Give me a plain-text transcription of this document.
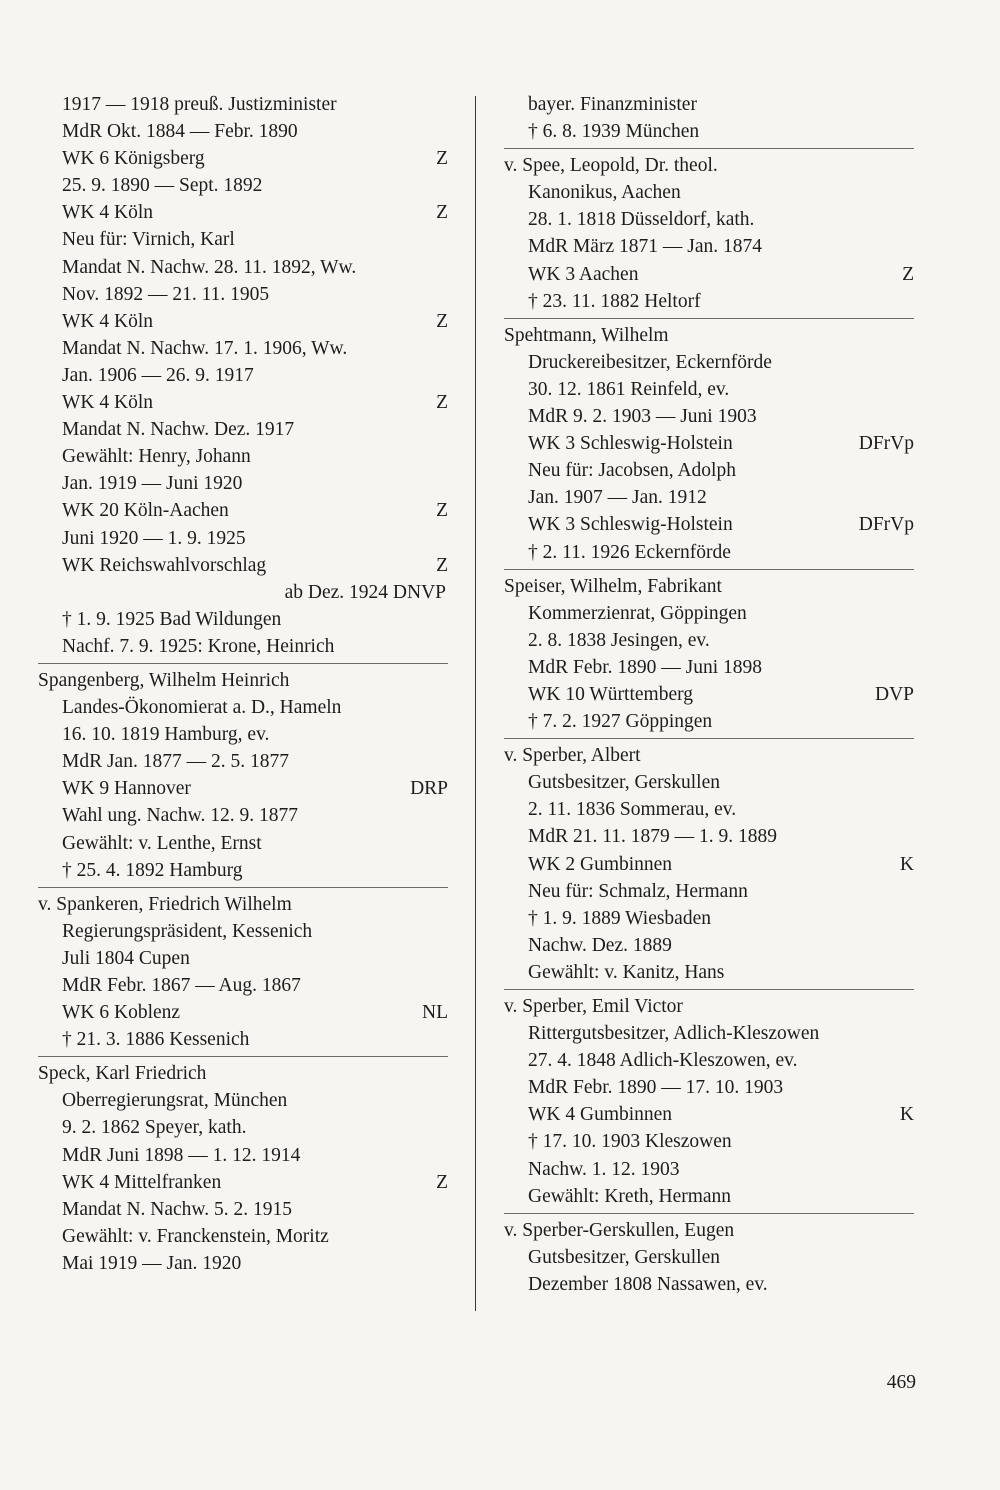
1917 — 1918 preuß. Justizminister
MdR Okt. 1884 — Febr. 1890
WK 6 Königsberg	Z
25. 9. 1890 — Sept. 1892
WK 4 Köln	Z
Neu für: Virnich, Karl
Mandat N. Nachw. 28. 11. 1892, Ww.
Nov. 1892 — 21. 11. 1905
WK 4 Köln	Z
Mandat N. Nachw. 17. 1. 1906, Ww.
Jan. 1906 — 26. 9. 1917
WK 4 Köln	Z
Mandat N. Nachw. Dez. 1917
Gewählt: Henry, Johann
Jan. 1919 — Juni 1920
WK 20 Köln-Aachen	Z
Juni 1920 — 1. 9. 1925
WK Reichswahlvorschlag	Z
ab Dez. 1924 DNVP
† 1. 9. 1925 Bad Wildungen
Nachf. 7. 9. 1925: Krone, Heinrich
Spangenberg, Wilhelm Heinrich
Landes-Ökonomierat a. D., Hameln
16. 10. 1819 Hamburg, ev.
MdR Jan. 1877 — 2. 5. 1877
WK 9 Hannover	DRP
Wahl ung. Nachw. 12. 9. 1877
Gewählt: v. Lenthe, Ernst
† 25. 4. 1892 Hamburg
v. Spankeren, Friedrich Wilhelm
Regierungspräsident, Kessenich
Juli 1804 Cupen
MdR Febr. 1867 — Aug. 1867
WK 6 Koblenz	NL
† 21. 3. 1886 Kessenich
Speck, Karl Friedrich
Oberregierungsrat, München
9. 2. 1862 Speyer, kath.
MdR Juni 1898 — 1. 12. 1914
WK 4 Mittelfranken	Z
Mandat N. Nachw. 5. 2. 1915
Gewählt: v. Franckenstein, Moritz
Mai 1919 — Jan. 1920
bayer. Finanzminister
† 6. 8. 1939 München
v. Spee, Leopold, Dr. theol.
Kanonikus, Aachen
28. 1. 1818 Düsseldorf, kath.
MdR März 1871 — Jan. 1874
WK 3 Aachen	Z
† 23. 11. 1882 Heltorf
Spehtmann, Wilhelm
Druckereibesitzer, Eckernförde
30. 12. 1861 Reinfeld, ev.
MdR 9. 2. 1903 — Juni 1903
WK 3 Schleswig-Holstein	DFrVp
Neu für: Jacobsen, Adolph
Jan. 1907 — Jan. 1912
WK 3 Schleswig-Holstein	DFrVp
† 2. 11. 1926 Eckernförde
Speiser, Wilhelm, Fabrikant
Kommerzienrat, Göppingen
2. 8. 1838 Jesingen, ev.
MdR Febr. 1890 — Juni 1898
WK 10 Württemberg	DVP
† 7. 2. 1927 Göppingen
v. Sperber, Albert
Gutsbesitzer, Gerskullen
2. 11. 1836 Sommerau, ev.
MdR 21. 11. 1879 — 1. 9. 1889
WK 2 Gumbinnen	K
Neu für: Schmalz, Hermann
† 1. 9. 1889 Wiesbaden
Nachw. Dez. 1889
Gewählt: v. Kanitz, Hans
v. Sperber, Emil Victor
Rittergutsbesitzer, Adlich-Kleszowen
27. 4. 1848 Adlich-Kleszowen, ev.
MdR Febr. 1890 — 17. 10. 1903
WK 4 Gumbinnen	K
† 17. 10. 1903 Kleszowen
Nachw. 1. 12. 1903
Gewählt: Kreth, Hermann
v. Sperber-Gerskullen, Eugen
Gutsbesitzer, Gerskullen
Dezember 1808 Nassawen, ev.
469
